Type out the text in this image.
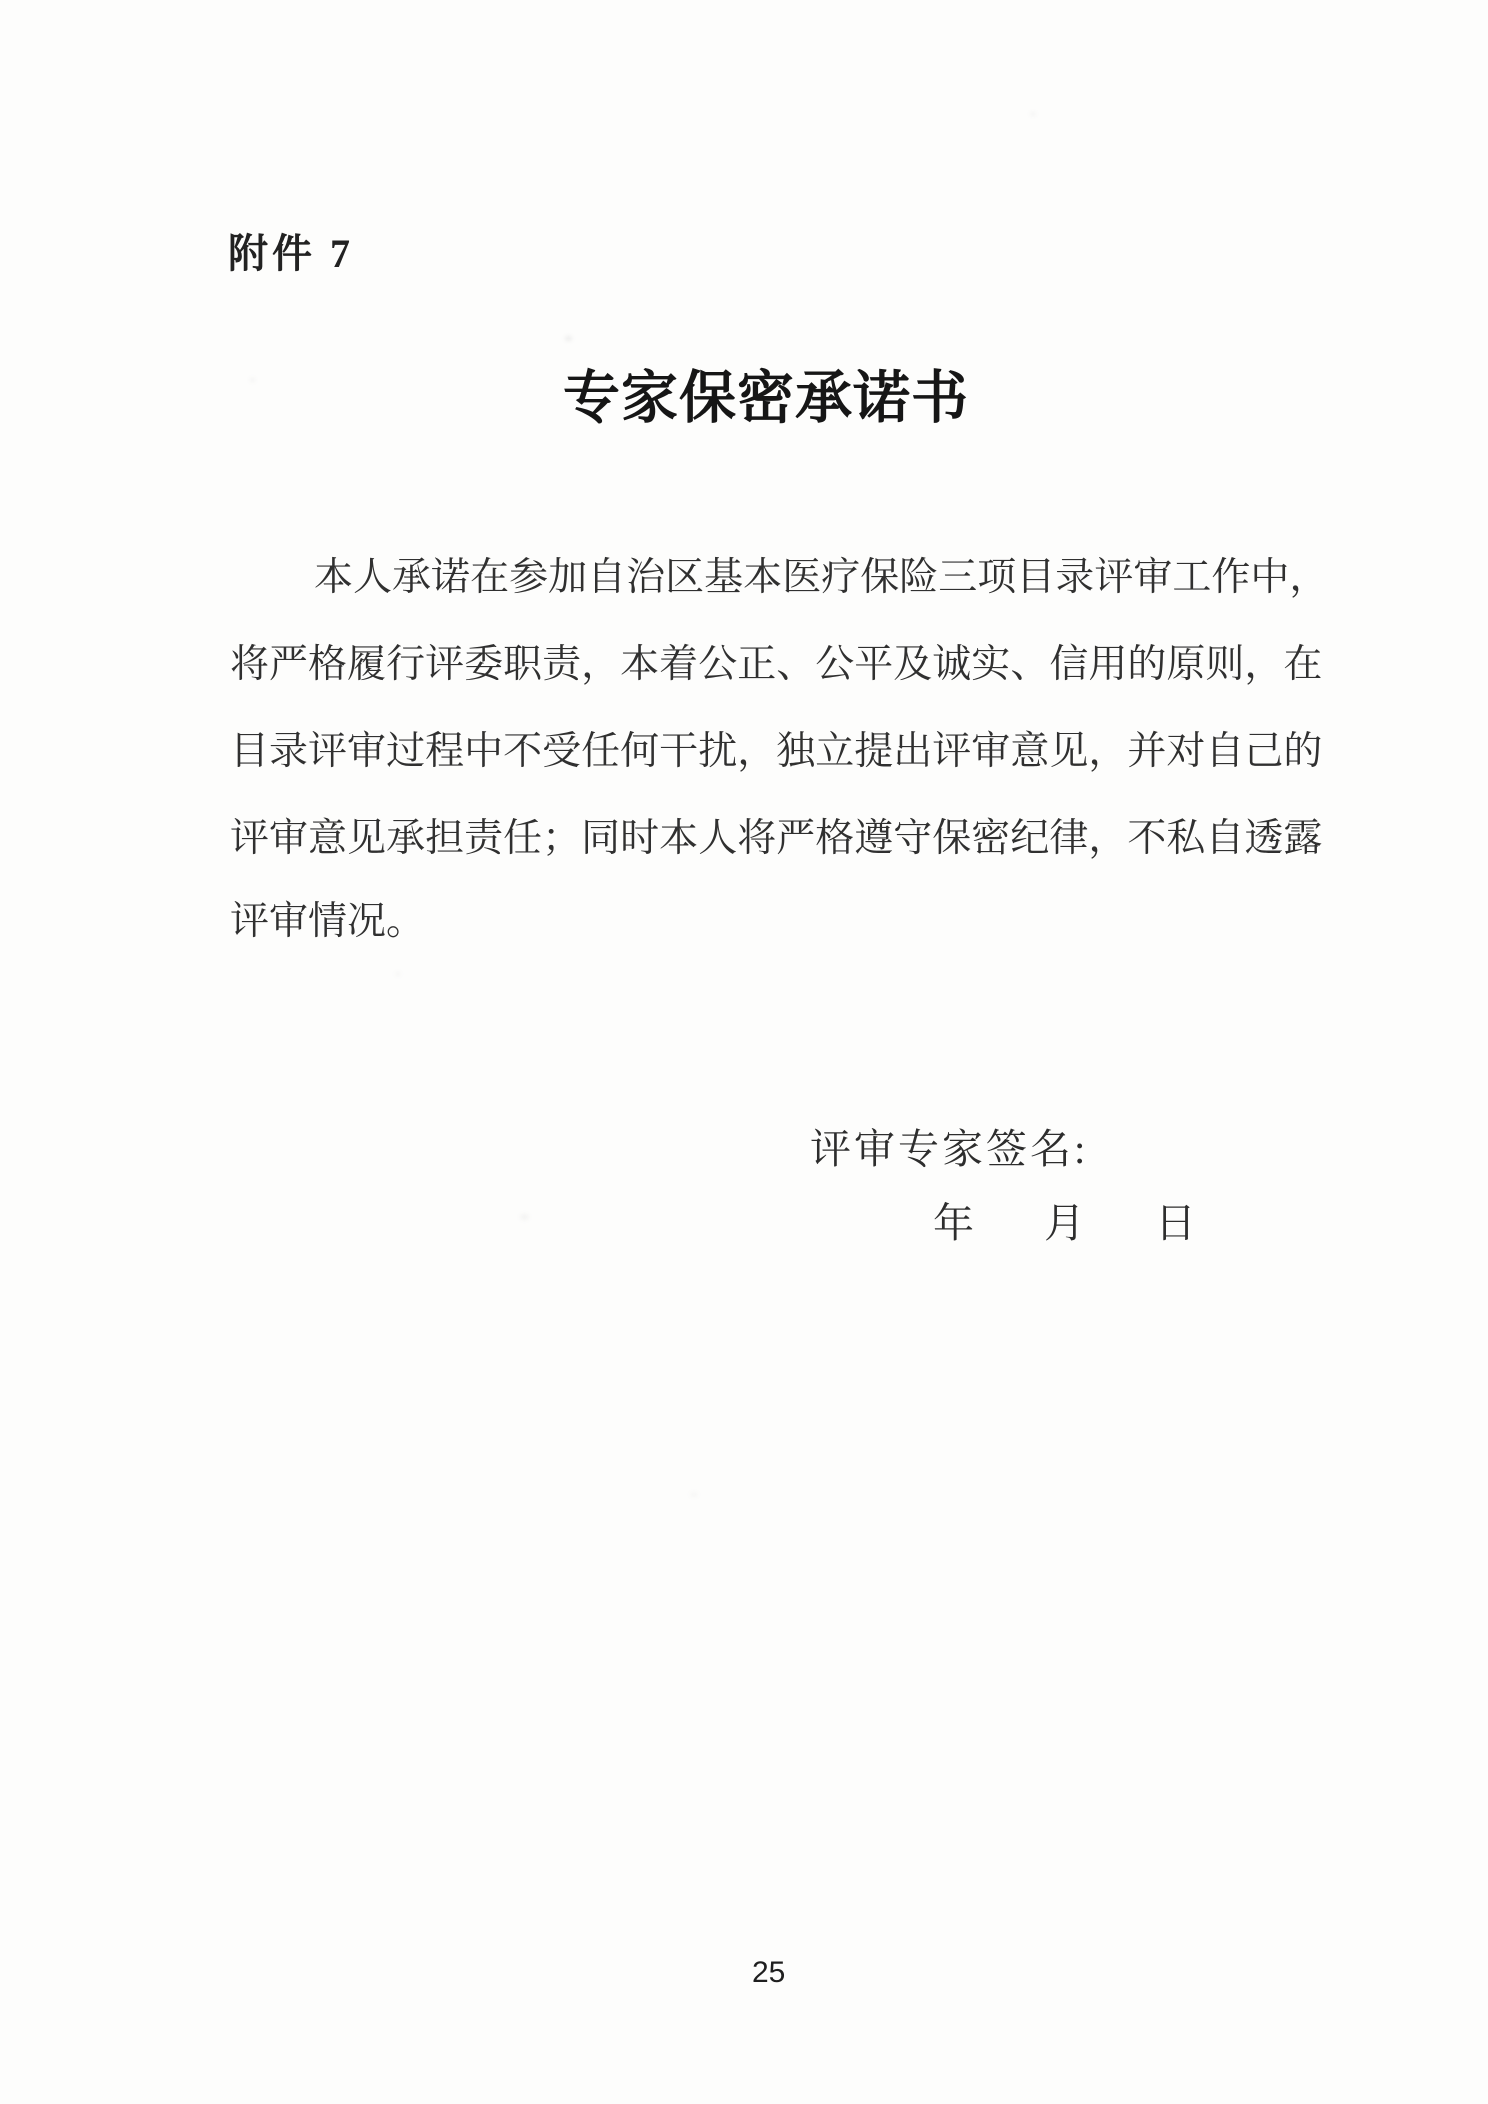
附件 7
专家保密承诺书
本 人 承 诺 在 参 加 自 治 区 基 本 医 疗 保 险 三 项 目 录 评 审 工 作 中 ，
将 严 格 履 行 评 委 职 责 ， 本 着 公 正 、 公 平 及 诚 实 、 信 用 的 原 则 ， 在
目 录 评 审 过 程 中 不 受 任 何 干 扰 ， 独 立 提 出 评 审 意 见 ， 并 对 自 己 的
评 审 意 见 承 担 责 任 ； 同 时 本 人 将 严 格 遵 守 保 密 纪 律 ， 不 私 自 透 露
评审情况。
评审专家签名:
年 月 日
25
